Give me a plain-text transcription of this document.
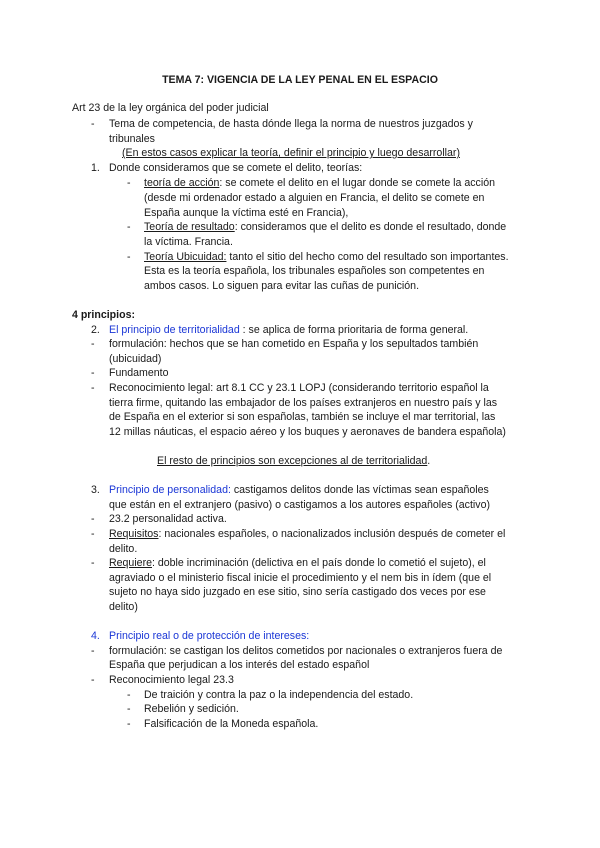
TEMA 7: VIGENCIA DE LA LEY PENAL EN EL ESPACIO
Art 23 de la ley orgánica del poder judicial
- Tema de competencia, de hasta dónde llega la norma de nuestros juzgados y
tribunales
(En estos casos explicar la teoría, definir el principio y luego desarrollar)
1. Donde consideramos que se comete el delito, teorías:
- teoría de acción: se comete el delito en el lugar donde se comete la acción
(desde mi ordenador estado a alguien en Francia, el delito se comete en
España aunque la víctima esté en Francia),
- Teoría de resultado: consideramos que el delito es donde el resultado, donde
la víctima. Francia.
- Teoría Ubicuidad: tanto el sitio del hecho como del resultado son importantes.
Esta es la teoría española, los tribunales españoles son competentes en
ambos casos. Lo siguen para evitar las cuñas de punición.
4 principios:
2. El principio de territorialidad : se aplica de forma prioritaria de forma general.
- formulación: hechos que se han cometido en España y los sepultados también
(ubicuidad)
- Fundamento
- Reconocimiento legal: art 8.1 CC y 23.1 LOPJ (considerando territorio español la
tierra firme, quitando las embajador de los países extranjeros en nuestro país y las
de España en el exterior si son españolas, también se incluye el mar territorial, las
12 millas náuticas, el espacio aéreo y los buques y aeronaves de bandera española)
El resto de principios son excepciones al de territorialidad.
3. Principio de personalidad: castigamos delitos donde las víctimas sean españoles
que están en el extranjero (pasivo) o castigamos a los autores españoles (activo)
- 23.2 personalidad activa.
- Requisitos: nacionales españoles, o nacionalizados inclusión después de cometer el
delito.
- Requiere: doble incriminación (delictiva en el país donde lo cometió el sujeto), el
agraviado o el ministerio fiscal inicie el procedimiento y el nem bis in ídem (que el
sujeto no haya sido juzgado en ese sitio, sino sería castigado dos veces por ese
delito)
4. Principio real o de protección de intereses:
- formulación: se castigan los delitos cometidos por nacionales o extranjeros fuera de
España que perjudican a los interés del estado español
- Reconocimiento legal 23.3
- De traición y contra la paz o la independencia del estado.
- Rebelión y sedición.
- Falsificación de la Moneda española.
